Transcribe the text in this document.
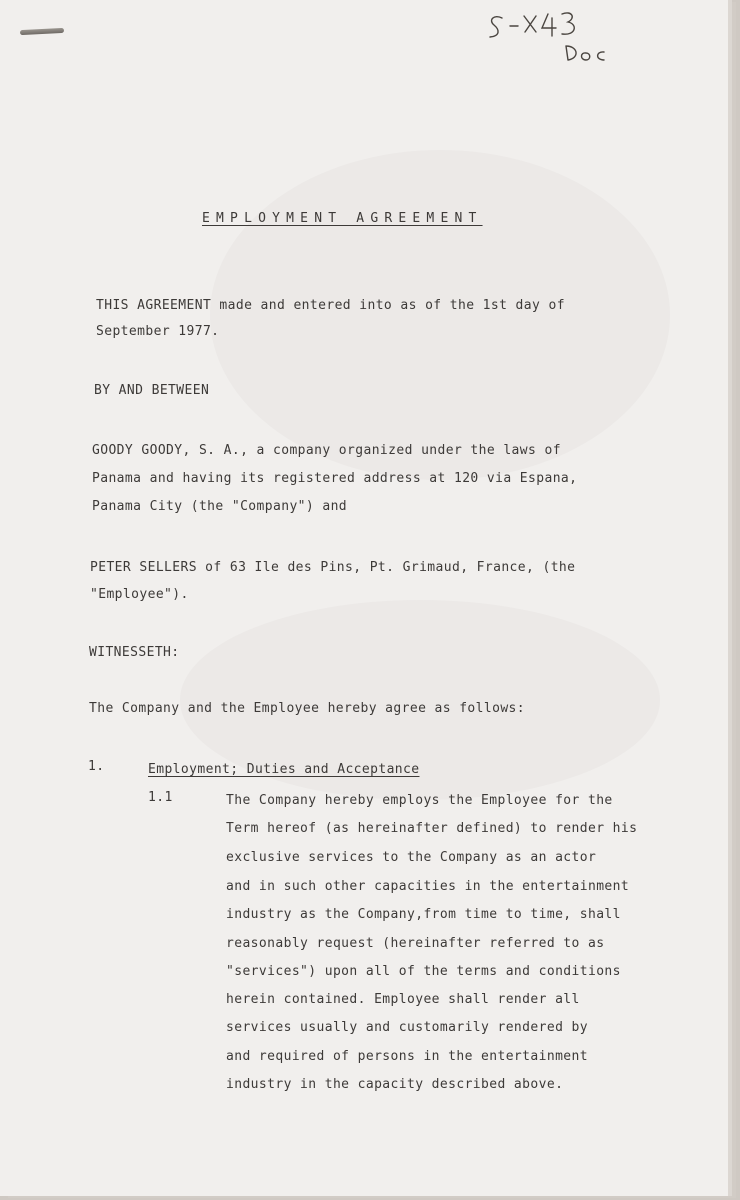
EMPLOYMENT AGREEMENT
THIS AGREEMENT made and entered into as of the 1st day of
September 1977.
BY AND BETWEEN
GOODY GOODY, S. A., a company organized under the laws of
Panama and having its registered address at 120 via Espana,
Panama City (the "Company") and
PETER SELLERS of 63 Ile des Pins, Pt. Grimaud, France, (the
"Employee").
WITNESSETH:
The Company and the Employee hereby agree as follows:
1.	Employment; Duties and Acceptance
1.1	The Company hereby employs the Employee for the
Term hereof (as hereinafter defined) to render his
exclusive services to the Company as an actor
and in such other capacities in the entertainment
industry as the Company,from time to time, shall
reasonably request (hereinafter referred to as
"services") upon all of the terms and conditions
herein contained. Employee shall render all
services usually and customarily rendered by
and required of persons in the entertainment
industry in the capacity described above.
